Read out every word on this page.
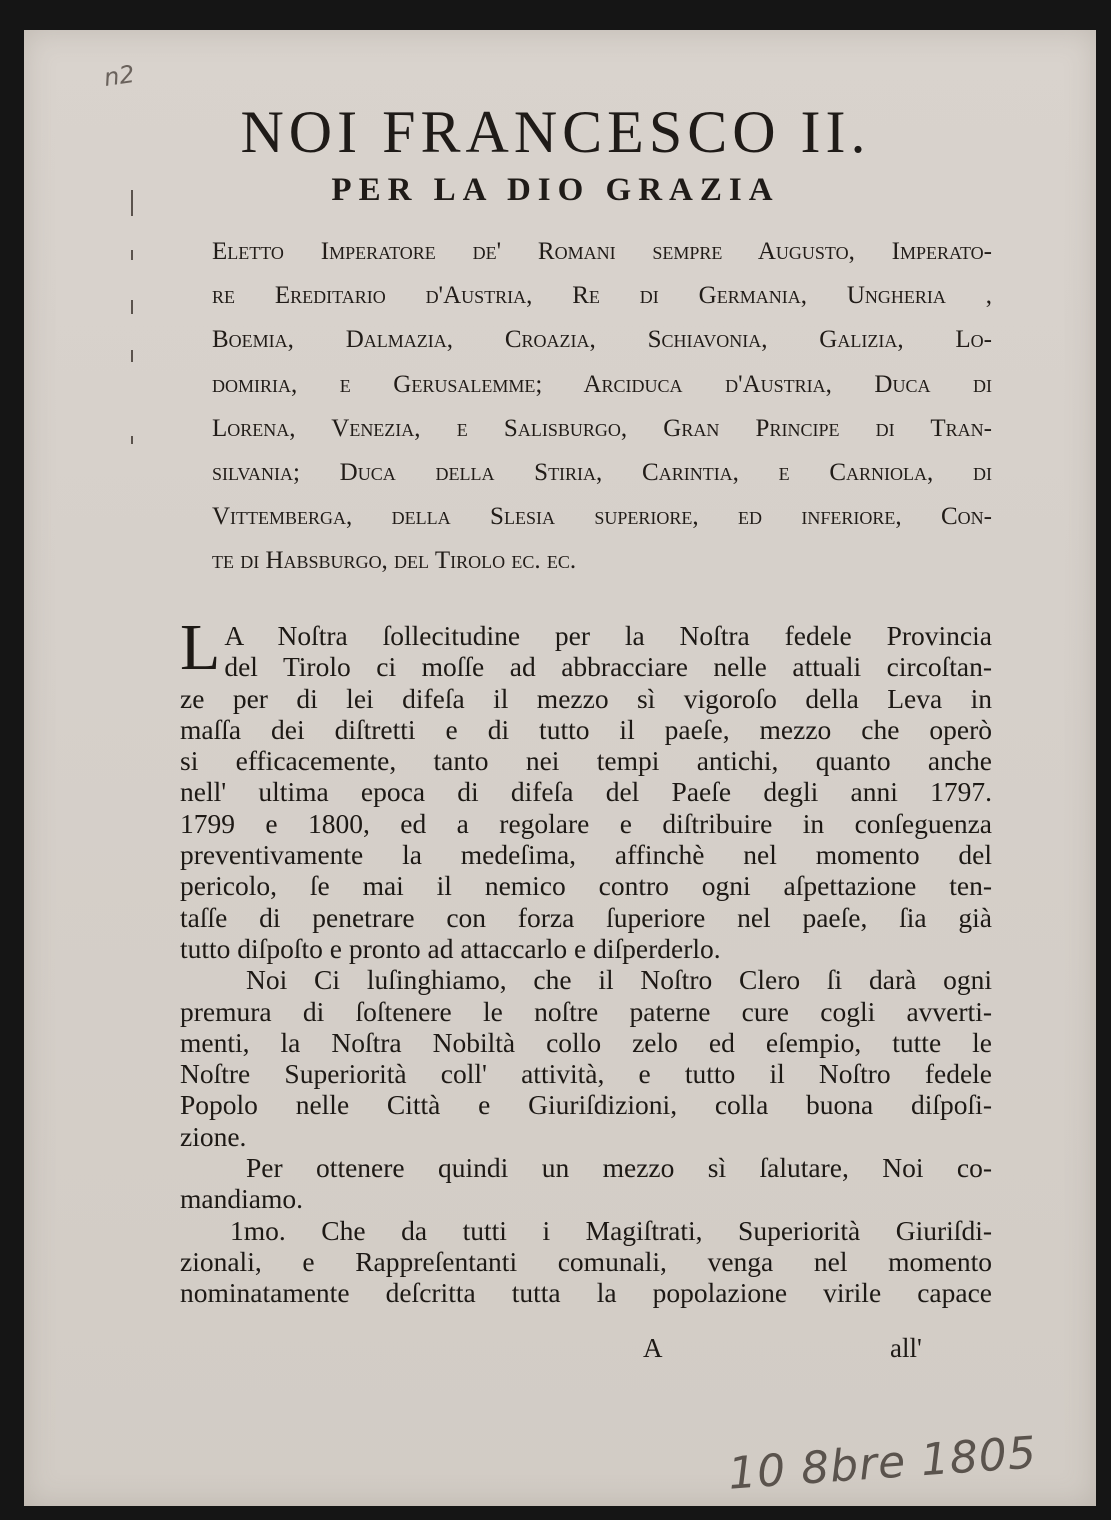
n2
NOI FRANCESCO II.
PER LA DIO GRAZIA
Eletto Imperatore de' Romani sempre Augusto, Imperato-
re Ereditario d'Austria, Re di Germania, Ungheria ,
Boemia, Dalmazia, Croazia, Schiavonia, Galizia, Lo-
domiria, e Gerusalemme; Arciduca d'Austria, Duca di
Lorena, Venezia, e Salisburgo, Gran Principe di Tran-
silvania; Duca della Stiria, Carintia, e Carniola, di
Vittemberga, della Slesia superiore, ed inferiore, Con-
te di Habsburgo, del Tirolo ec. ec.
L A Noſtra ſollecitudine per la Noſtra fedele Provincia
del Tirolo ci moſſe ad abbracciare nelle attuali circoſtan-
ze per di lei difeſa il mezzo sì vigoroſo della Leva in
maſſa dei diſtretti e di tutto il paeſe, mezzo che operò
si efficacemente, tanto nei tempi antichi, quanto anche
nell' ultima epoca di difeſa del Paeſe degli anni 1797.
1799 e 1800, ed a regolare e diſtribuire in conſeguenza
preventivamente la medeſima, affinchè nel momento del
pericolo, ſe mai il nemico contro ogni aſpettazione ten-
taſſe di penetrare con forza ſuperiore nel paeſe, ſia già
tutto diſpoſto e pronto ad attaccarlo e diſperderlo.
Noi Ci luſinghiamo, che il Noſtro Clero ſi darà ogni
premura di ſoſtenere le noſtre paterne cure cogli avverti-
menti, la Noſtra Nobiltà collo zelo ed eſempio, tutte le
Noſtre Superiorità coll' attività, e tutto il Noſtro fedele
Popolo nelle Città e Giuriſdizioni, colla buona diſpoſi-
zione.
Per ottenere quindi un mezzo sì ſalutare, Noi co-
mandiamo.
1mo. Che da tutti i Magiſtrati, Superiorità Giuriſdi-
zionali, e Rappreſentanti comunali, venga nel momento
nominatamente deſcritta tutta la popolazione virile capace
A	all'
10 8bre 1805
